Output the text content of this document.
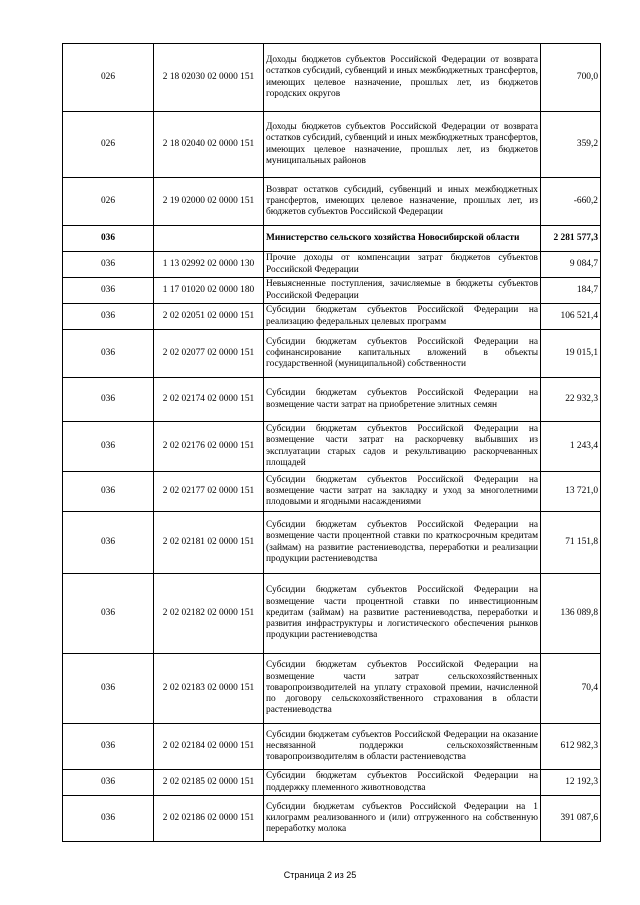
026	2 18 02030 02 0000 151	Доходы бюджетов субъектов Российской Федерации от возврата остатков субсидий, субвенций и иных межбюджетных трансфертов, имеющих целевое назначение, прошлых лет, из бюджетов городских округов	700,0
026	2 18 02040 02 0000 151	Доходы бюджетов субъектов Российской Федерации от возврата остатков субсидий, субвенций и иных межбюджетных трансфертов, имеющих целевое назначение, прошлых лет, из бюджетов муниципальных районов	359,2
026	2 19 02000 02 0000 151	Возврат остатков субсидий, субвенций и иных межбюджетных трансфертов, имеющих целевое назначение, прошлых лет, из бюджетов субъектов Российской Федерации	-660,2
036		Министерство сельского хозяйства Новосибирской области	2 281 577,3
036	1 13 02992 02 0000 130	Прочие доходы от компенсации затрат бюджетов субъектов Российской Федерации	9 084,7
036	1 17 01020 02 0000 180	Невыясненные поступления, зачисляемые в бюджеты субъектов Российской Федерации	184,7
036	2 02 02051 02 0000 151	Субсидии бюджетам субъектов Российской Федерации на реализацию федеральных целевых программ	106 521,4
036	2 02 02077 02 0000 151	Субсидии бюджетам субъектов Российской Федерации на софинансирование капитальных вложений в объекты государственной (муниципальной) собственности	19 015,1
036	2 02 02174 02 0000 151	Субсидии бюджетам субъектов Российской Федерации на возмещение части затрат на приобретение элитных семян	22 932,3
036	2 02 02176 02 0000 151	Субсидии бюджетам субъектов Российской Федерации на возмещение части затрат на раскорчевку выбывших из эксплуатации старых садов и рекультивацию раскорчеванных площадей	1 243,4
036	2 02 02177 02 0000 151	Субсидии бюджетам субъектов Российской Федерации на возмещение части затрат на закладку и уход за многолетними плодовыми и ягодными насаждениями	13 721,0
036	2 02 02181 02 0000 151	Субсидии бюджетам субъектов Российской Федерации на возмещение части процентной ставки по краткосрочным кредитам (займам) на развитие растениеводства, переработки и реализации продукции растениеводства	71 151,8
036	2 02 02182 02 0000 151	Субсидии бюджетам субъектов Российской Федерации на возмещение части процентной ставки по инвестиционным кредитам (займам) на развитие растениеводства, переработки и развития инфраструктуры и логистического обеспечения рынков продукции растениеводства	136 089,8
036	2 02 02183 02 0000 151	Субсидии бюджетам субъектов Российской Федерации на возмещение части затрат сельскохозяйственных товаропроизводителей на уплату страховой премии, начисленной по договору сельскохозяйственного страхования в области растениеводства	70,4
036	2 02 02184 02 0000 151	Субсидии бюджетам субъектов Российской Федерации на оказание несвязанной поддержки сельскохозяйственным товаропроизводителям в области растениеводства	612 982,3
036	2 02 02185 02 0000 151	Субсидии бюджетам субъектов Российской Федерации на поддержку племенного животноводства	12 192,3
036	2 02 02186 02 0000 151	Субсидии бюджетам субъектов Российской Федерации на 1 килограмм реализованного и (или) отгруженного на собственную переработку молока	391 087,6
Страница 2 из 25
